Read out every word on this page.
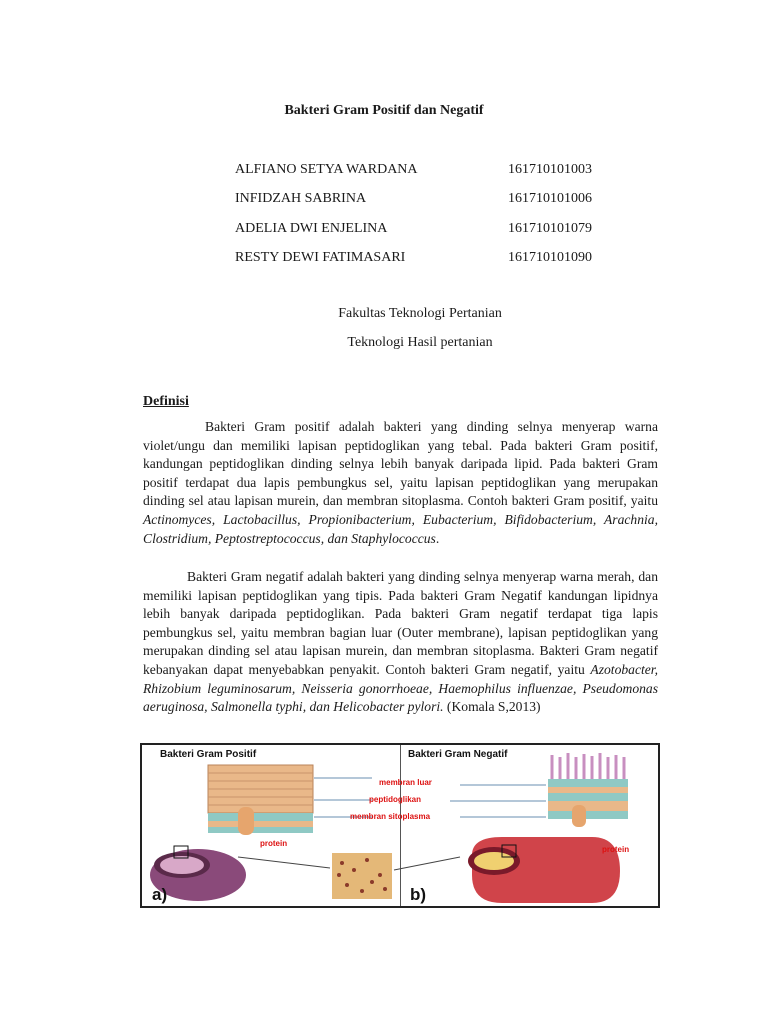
Bakteri Gram Positif dan Negatif
ALFIANO SETYA WARDANA	161710101003
INFIDZAH SABRINA	161710101006
ADELIA DWI ENJELINA	161710101079
RESTY DEWI FATIMASARI	161710101090
Fakultas Teknologi Pertanian
Teknologi Hasil pertanian
Definisi

Bakteri Gram positif adalah bakteri yang dinding selnya menyerap warna violet/ungu dan memiliki lapisan peptidoglikan yang tebal. Pada bakteri Gram positif, kandungan peptidoglikan dinding selnya lebih banyak daripada lipid. Pada bakteri Gram positif terdapat dua lapis pembungkus sel, yaitu lapisan peptidoglikan yang merupakan dinding sel atau lapisan murein, dan membran sitoplasma. Contoh bakteri Gram positif, yaitu Actinomyces, Lactobacillus, Propionibacterium, Eubacterium, Bifidobacterium, Arachnia, Clostridium, Peptostreptococcus, dan Staphylococcus.

Bakteri Gram negatif adalah bakteri yang dinding selnya menyerap warna merah, dan memiliki lapisan peptidoglikan yang tipis. Pada bakteri Gram Negatif kandungan lipidnya lebih banyak daripada peptidoglikan. Pada bakteri Gram negatif terdapat tiga lapis pembungkus sel, yaitu membran bagian luar (Outer membrane), lapisan peptidoglikan yang merupakan dinding sel atau lapisan murein, dan membran sitoplasma. Bakteri Gram negatif kebanyakan dapat menyebabkan penyakit. Contoh bakteri Gram negatif, yaitu Azotobacter, Rhizobium leguminosarum, Neisseria gonorrhoeae, Haemophilus influenzae, Pseudomonas aeruginosa, Salmonella typhi, dan Helicobacter pylori. (Komala S,2013)

Bakteri Gram Positif	Bakteri Gram Negatif
membran luar
peptidoglikan
membran sitoplasma
protein
protein
a)	b)
